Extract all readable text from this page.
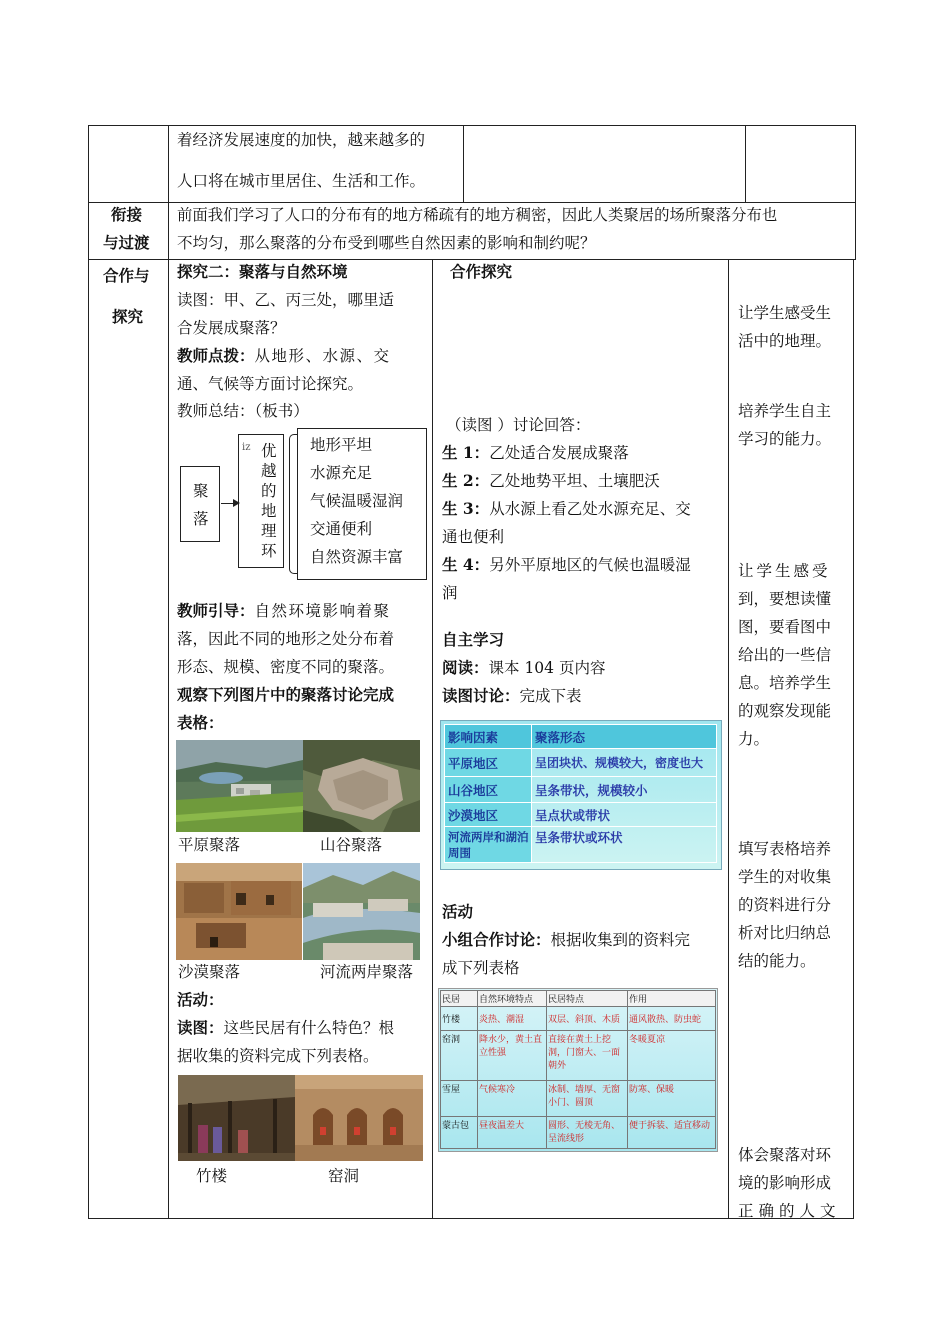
着经济发展速度的加快，越来越多的
人口将在城市里居住、生活和工作。
衔接
与过渡
前面我们学习了人口的分布有的地方稀疏有的地方稠密，因此人类聚居的场所聚落分布也
不均匀，那么聚落的分布受到哪些自然因素的影响和制约呢？
合作与
探究
探究二：聚落与自然环境
读图：甲、乙、丙三处，哪里适
合发展成聚落？
教师点拨：从地形、水源、交
通、气候等方面讨论探究。
教师总结：（板书）
聚
落
iz 优
越
的
地
理
环
地形平坦
水源充足
气候温暖湿润
交通便利
自然资源丰富
教师引导：自然环境影响着聚
落，因此不同的地形之处分布着
形态、规模、密度不同的聚落。
观察下列图片中的聚落讨论完成
表格：
平原聚落	山谷聚落
沙漠聚落	河流两岸聚落
活动：
读图：这些民居有什么特色？根
据收集的资料完成下列表格。
竹楼	窑洞
合作探究
（读图 ）讨论回答：
生 1：乙处适合发展成聚落
生 2：乙处地势平坦、土壤肥沃
生 3：从水源上看乙处水源充足、交
通也便利
生 4：另外平原地区的气候也温暖湿
润
自主学习
阅读：课本 104 页内容
读图讨论：完成下表
影响因素	聚落形态
平原地区	呈团块状、规模较大，密度也大
山谷地区	呈条带状，规模较小
沙漠地区	呈点状或带状
河流两岸和湖泊周围	呈条带状或环状
活动
小组合作讨论：根据收集到的资料完
成下列表格
民居	自然环境特点	民居特点	作用
竹楼	炎热、潮湿	双层、斜顶、木质	通风散热、防虫蛇
窑洞	降水少，黄土直立性强	直接在黄土上挖洞，门窗大、一面朝外	冬暖夏凉
雪屋	气候寒冷	冰制、墙厚、无窗小门、圆顶	防寒、保暖
蒙古包	昼夜温差大	圆形、无棱无角、呈流线形	便于拆装、适宜移动
让学生感受生
活中的地理。
培养学生自主
学习的能力。
让学生感受
到，要想读懂
图，要看图中
给出的一些信
息。培养学生
的观察发现能
力。
填写表格培养
学生的对收集
的资料进行分
析对比归纳总
结的能力。
体会聚落对环
境的影响形成
正确的人文
